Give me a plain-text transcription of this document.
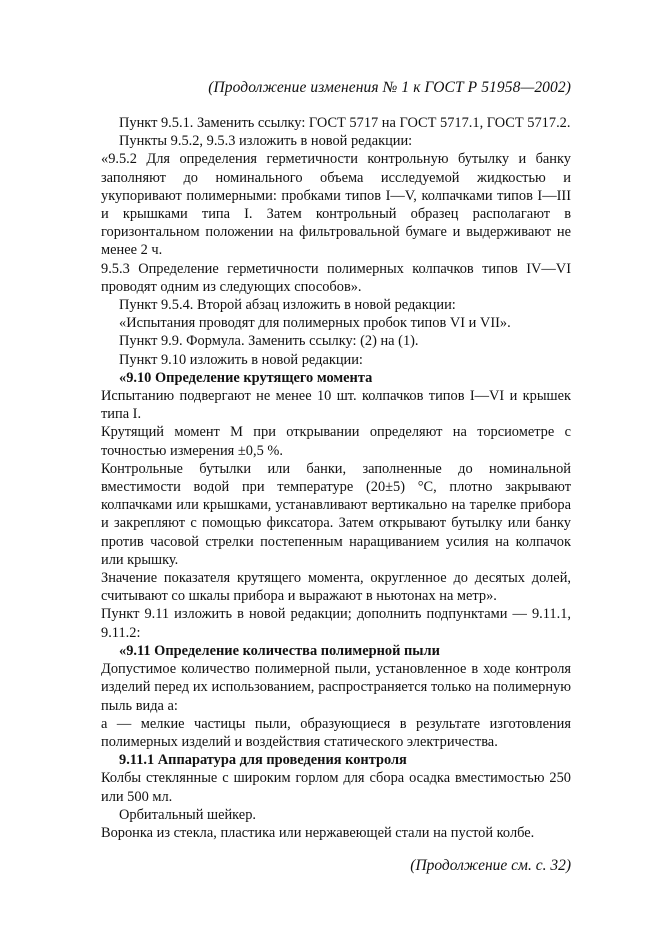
(Продолжение изменения № 1 к ГОСТ Р 51958—2002)

Пункт 9.5.1. Заменить ссылку: ГОСТ 5717 на ГОСТ 5717.1, ГОСТ 5717.2.

Пункты 9.5.2, 9.5.3 изложить в новой редакции:

«9.5.2 Для определения герметичности контрольную бутылку и банку заполняют до номинального объема исследуемой жидкостью и укупоривают полимерными: пробками типов I—V, колпачками типов I—III и крышками типа I. Затем контрольный образец располагают в горизонтальном положении на фильтровальной бумаге и выдерживают не менее 2 ч.

9.5.3 Определение герметичности полимерных колпачков типов IV—VI проводят одним из следующих способов».

Пункт 9.5.4. Второй абзац изложить в новой редакции:

«Испытания проводят для полимерных пробок типов VI и VII».

Пункт 9.9. Формула. Заменить ссылку: (2) на (1).

Пункт 9.10 изложить в новой редакции:

«9.10 Определение крутящего момента

Испытанию подвергают не менее 10 шт. колпачков типов I—VI и крышек типа I.

Крутящий момент М при открывании определяют на торсиометре с точностью измерения ±0,5 %.

Контрольные бутылки или банки, заполненные до номинальной вместимости водой при температуре (20±5) °С, плотно закрывают колпачками или крышками, устанавливают вертикально на тарелке прибора и закрепляют с помощью фиксатора. Затем открывают бутылку или банку против часовой стрелки постепенным наращиванием усилия на колпачок или крышку.

Значение показателя крутящего момента, округленное до десятых долей, считывают со шкалы прибора и выражают в ньютонах на метр».

Пункт 9.11 изложить в новой редакции; дополнить подпунктами — 9.11.1, 9.11.2:

«9.11 Определение количества полимерной пыли

Допустимое количество полимерной пыли, установленное в ходе контроля изделий перед их использованием, распространяется только на полимерную пыль вида а:

а — мелкие частицы пыли, образующиеся в результате изготовления полимерных изделий и воздействия статического электричества.

9.11.1 Аппаратура для проведения контроля

Колбы стеклянные с широким горлом для сбора осадка вместимостью 250 или 500 мл.

Орбитальный шейкер.

Воронка из стекла, пластика или нержавеющей стали на пустой колбе.

(Продолжение см. с. 32)
